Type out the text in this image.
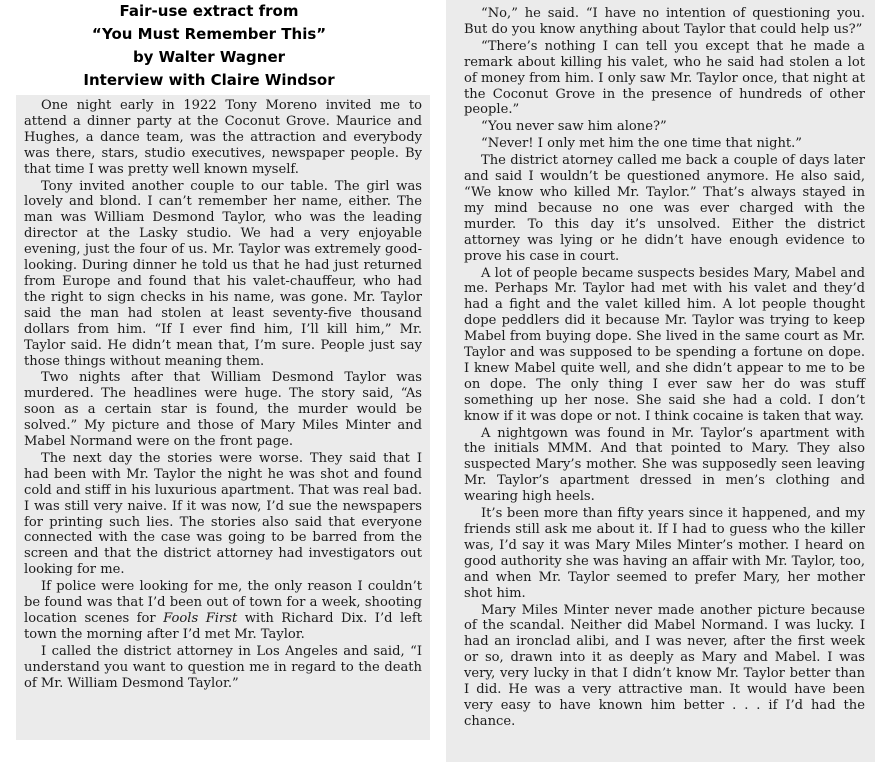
Fair-use extract from
“You Must Remember This”
by Walter Wagner
Interview with Claire Windsor

One night early in 1922 Tony Moreno invited me to attend a dinner party at the Coconut Grove. Maurice and Hughes, a dance team, was the attraction and everybody was there, stars, studio executives, newspaper people. By that time I was pretty well known myself.

Tony invited another couple to our table. The girl was lovely and blond. I can’t remember her name, either. The man was William Desmond Taylor, who was the leading director at the Lasky studio. We had a very enjoyable evening, just the four of us. Mr. Taylor was extremely good-looking. During dinner he told us that he had just returned from Europe and found that his valet-chauffeur, who had the right to sign checks in his name, was gone. Mr. Taylor said the man had stolen at least seventy-five thousand dollars from him. “If I ever find him, I’ll kill him,” Mr. Taylor said. He didn’t mean that, I’m sure. People just say those things without meaning them.

Two nights after that William Desmond Taylor was murdered. The headlines were huge. The story said, “As soon as a certain star is found, the murder would be solved.” My picture and those of Mary Miles Minter and Mabel Normand were on the front page.

The next day the stories were worse. They said that I had been with Mr. Taylor the night he was shot and found cold and stiff in his luxurious apartment. That was real bad. I was still very naive. If it was now, I’d sue the newspapers for printing such lies. The stories also said that everyone connected with the case was going to be barred from the screen and that the district attorney had investigators out looking for me.

If police were looking for me, the only reason I couldn’t be found was that I’d been out of town for a week, shooting location scenes for Fools First with Richard Dix. I’d left town the morning after I’d met Mr. Taylor.

I called the district attorney in Los Angeles and said, “I understand you want to question me in regard to the death of Mr. William Desmond Taylor.”

“No,” he said. “I have no intention of questioning you. But do you know anything about Taylor that could help us?”

“There’s nothing I can tell you except that he made a remark about killing his valet, who he said had stolen a lot of money from him. I only saw Mr. Taylor once, that night at the Coconut Grove in the presence of hundreds of other people.”

“You never saw him alone?”

“Never! I only met him the one time that night.”

The district atorney called me back a couple of days later and said I wouldn’t be questioned anymore. He also said, “We know who killed Mr. Taylor.” That’s always stayed in my mind because no one was ever charged with the murder. To this day it’s unsolved. Either the district attorney was lying or he didn’t have enough evidence to prove his case in court.

A lot of people became suspects besides Mary, Mabel and me. Perhaps Mr. Taylor had met with his valet and they’d had a fight and the valet killed him. A lot people thought dope peddlers did it because Mr. Taylor was trying to keep Mabel from buying dope. She lived in the same court as Mr. Taylor and was supposed to be spending a fortune on dope. I knew Mabel quite well, and she didn’t appear to me to be on dope. The only thing I ever saw her do was stuff something up her nose. She said she had a cold. I don’t know if it was dope or not. I think cocaine is taken that way.

A nightgown was found in Mr. Taylor’s apartment with the initials MMM. And that pointed to Mary. They also suspected Mary’s mother. She was supposedly seen leaving Mr. Taylor’s apartment dressed in men’s clothing and wearing high heels.

It’s been more than fifty years since it happened, and my friends still ask me about it. If I had to guess who the killer was, I’d say it was Mary Miles Minter’s mother. I heard on good authority she was having an affair with Mr. Taylor, too, and when Mr. Taylor seemed to prefer Mary, her mother shot him.

Mary Miles Minter never made another picture because of the scandal. Neither did Mabel Normand. I was lucky. I had an ironclad alibi, and I was never, after the first week or so, drawn into it as deeply as Mary and Mabel. I was very, very lucky in that I didn’t know Mr. Taylor better than I did. He was a very attractive man. It would have been very easy to have known him better . . . if I’d had the chance.
